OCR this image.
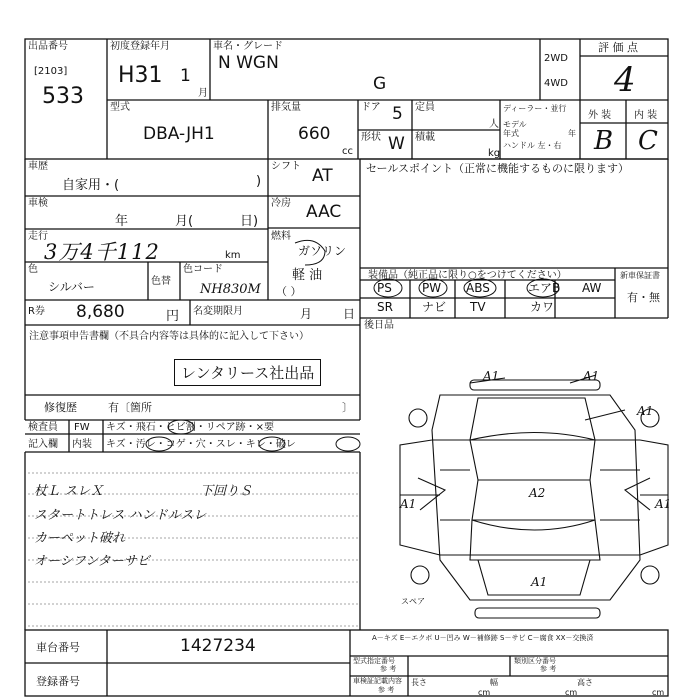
出品番号
[2103]
533
初度登録年月
H31 1
月
車名・グレード
N WGN
G
2WD
4WD
評 価 点
4
外 装 内 装
B C
型式
DBA-JH1
排気量
660
cc
ドア 5
形状 W
定員
人
積載
kg
ディーラー・並行
モデル
年式	年
ハンドル 左・右
車歴
自家用・(	)
車検
年	月(	日)
走行
3万4千112	km
色
シルバー	色替
色コード
NH830M
R券 8,680	円 名変期限月	月	日
注意事項申告書欄（不具合内容等は具体的に記入して下さい）
レンタリース社出品
修復歴	有〔箇所	〕
検査員
記入欄
FW キズ・飛石・ヒビ割・リペア跡・×要
内装 キズ・汚レ・コゲ・穴・スレ・キレ・破レ
杖Ｌ スレＸ	下回りＳ
スタートトレス ハンドルスレ
カーペット破れ
オーシフンターサビ
車台番号	1427234
登録番号
シフト AT
冷房 AAC
燃料
ガソリン
軽 油
（ ）
セールスポイント（正常に機能するものに限ります）
装備品（純正品に限り○をつけてください）
PS	PW ABS	エアB AW
SR ナビ TV	カワ
新車保証書
有・無
後日品
A1	A1
A1
A2
A1	A1
A1
スペア
A－キズ E－エクボ U－凹み W－補修跡 S－サビ C－腐食 XX－交換済
型式指定番号
参 考
類別区分番号
参 考
車検証記載内容
参 考
長さ
cm
幅
cm
高さ
cm
